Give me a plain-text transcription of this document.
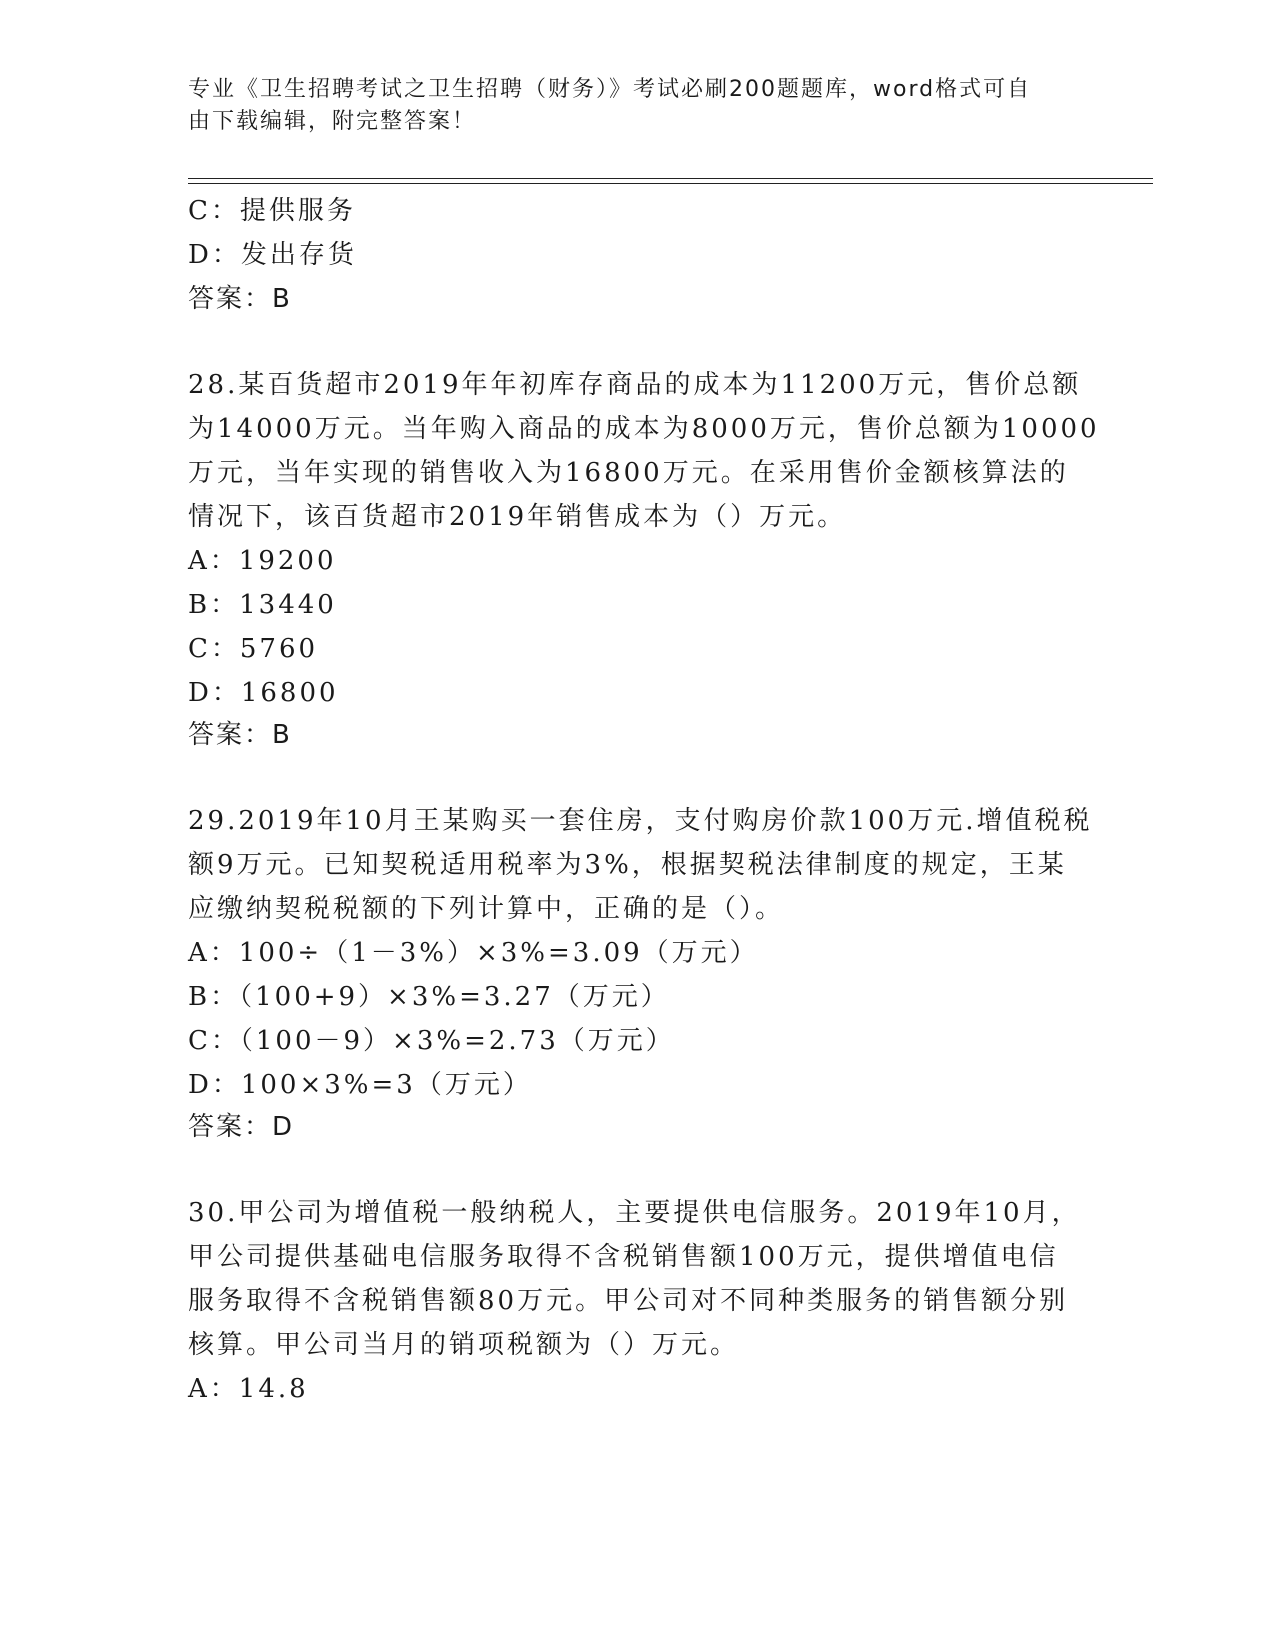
专业《卫生招聘考试之卫生招聘（财务）》考试必刷200题题库，word格式可自
由下载编辑，附完整答案！
C：提供服务
D：发出存货
答案：B
28.某百货超市2019年年初库存商品的成本为11200万元，售价总额
为14000万元。当年购入商品的成本为8000万元，售价总额为10000
万元，当年实现的销售收入为16800万元。在采用售价金额核算法的
情况下，该百货超市2019年销售成本为（）万元。
A：19200
B：13440
C：5760
D：16800
答案：B
29.2019年10月王某购买一套住房，支付购房价款100万元.增值税税
额9万元。已知契税适用税率为3%，根据契税法律制度的规定，王某
应缴纳契税税额的下列计算中，正确的是（）。
A：100÷（1－3%）×3%=3.09（万元）
B：（100+9）×3%=3.27（万元）
C：（100－9）×3%=2.73（万元）
D：100×3%=3（万元）
答案：D
30.甲公司为增值税一般纳税人，主要提供电信服务。2019年10月，
甲公司提供基础电信服务取得不含税销售额100万元，提供增值电信
服务取得不含税销售额80万元。甲公司对不同种类服务的销售额分别
核算。甲公司当月的销项税额为（）万元。
A：14.8
